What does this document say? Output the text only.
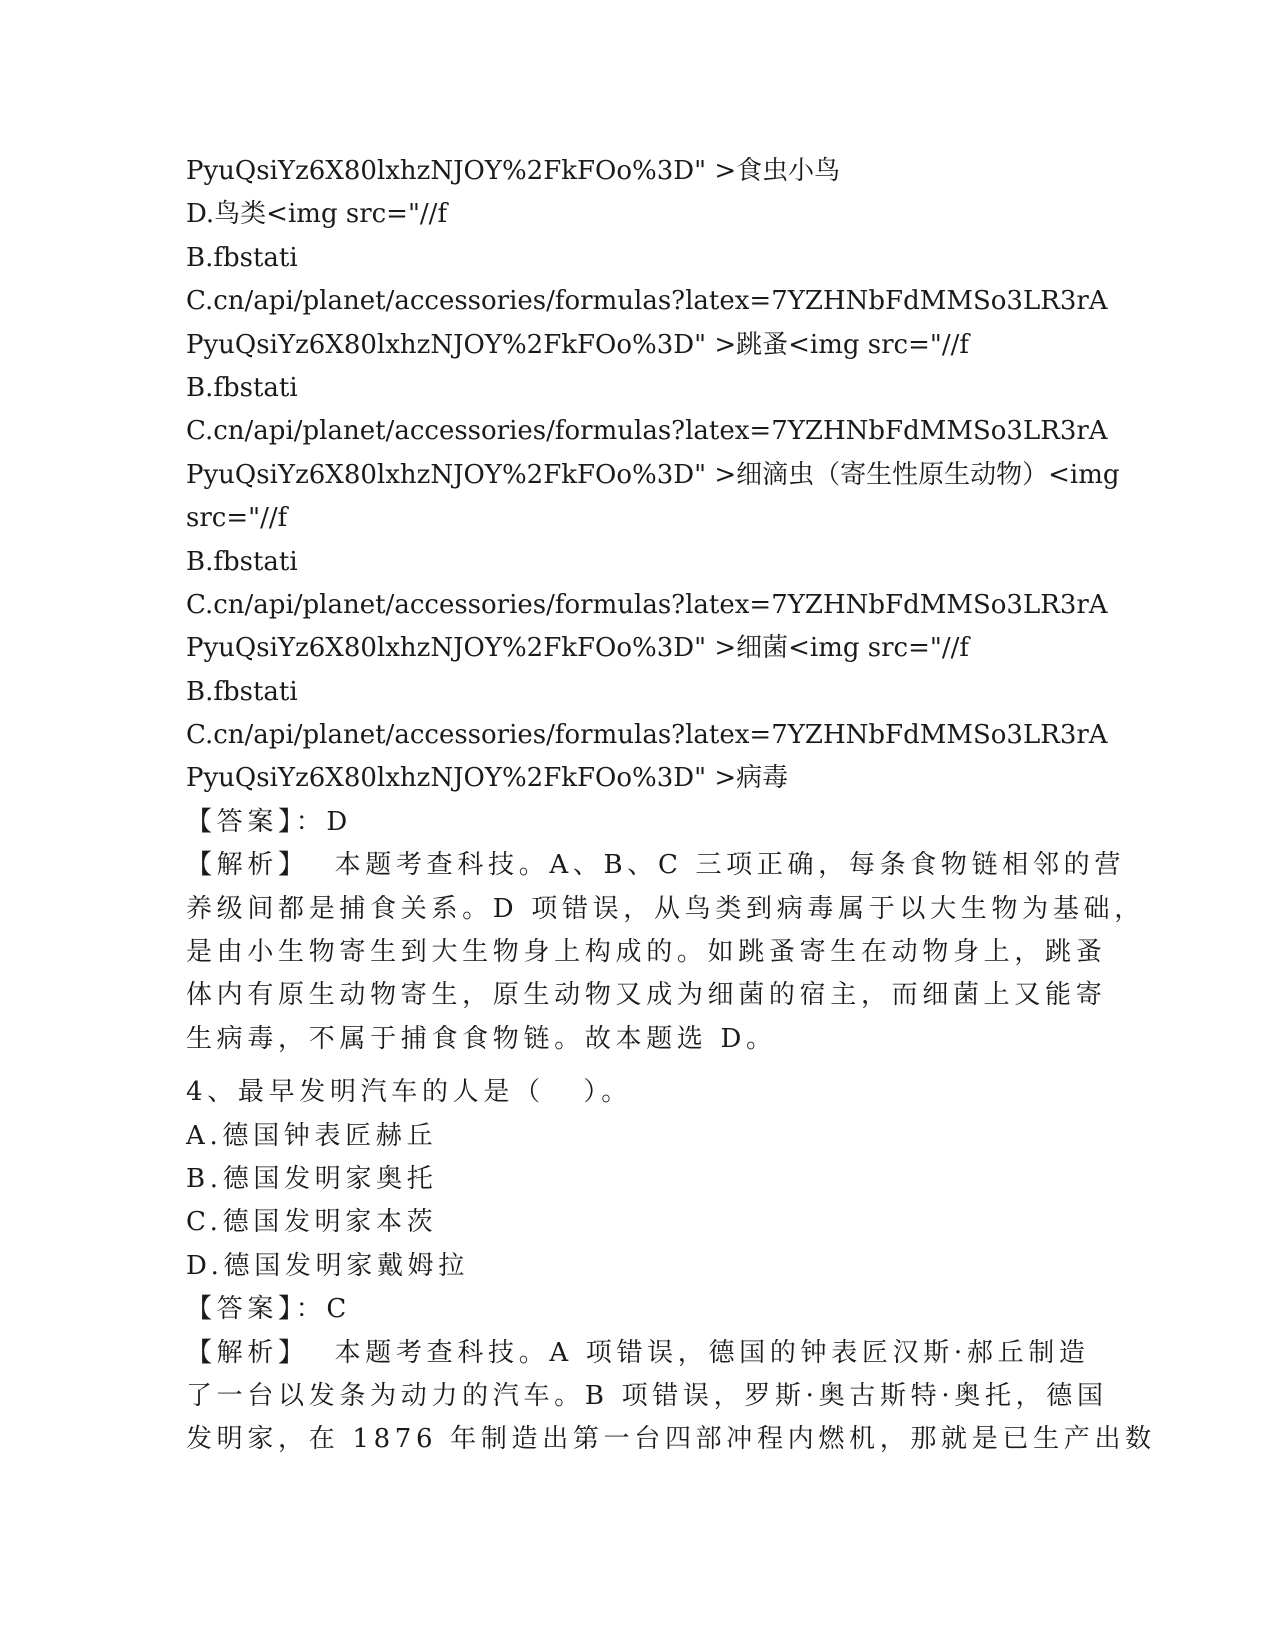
PyuQsiYz6X80lxhzNJOY%2FkFOo%3D" >食虫小鸟
D.鸟类<img src="//f
B.fbstati
C.cn/api/planet/accessories/formulas?latex=7YZHNbFdMMSo3LR3rA
PyuQsiYz6X80lxhzNJOY%2FkFOo%3D" >跳蚤<img src="//f
B.fbstati
C.cn/api/planet/accessories/formulas?latex=7YZHNbFdMMSo3LR3rA
PyuQsiYz6X80lxhzNJOY%2FkFOo%3D" >细滴虫（寄生性原生动物）<img
src="//f
B.fbstati
C.cn/api/planet/accessories/formulas?latex=7YZHNbFdMMSo3LR3rA
PyuQsiYz6X80lxhzNJOY%2FkFOo%3D" >细菌<img src="//f
B.fbstati
C.cn/api/planet/accessories/formulas?latex=7YZHNbFdMMSo3LR3rA
PyuQsiYz6X80lxhzNJOY%2FkFOo%3D" >病毒
【答案】：D
【解析】  本题考查科技。A、B、C 三项正确，每条食物链相邻的营
养级间都是捕食关系。D 项错误，从鸟类到病毒属于以大生物为基础，
是由小生物寄生到大生物身上构成的。如跳蚤寄生在动物身上，跳蚤
体内有原生动物寄生，原生动物又成为细菌的宿主，而细菌上又能寄
生病毒，不属于捕食食物链。故本题选 D。
4、最早发明汽车的人是（   ）。
A.德国钟表匠赫丘
B.德国发明家奥托
C.德国发明家本茨
D.德国发明家戴姆拉
【答案】：C
【解析】  本题考查科技。A 项错误，德国的钟表匠汉斯·郝丘制造
了一台以发条为动力的汽车。B 项错误，罗斯·奥古斯特·奥托，德国
发明家，在 1876 年制造出第一台四部冲程内燃机，那就是已生产出数
